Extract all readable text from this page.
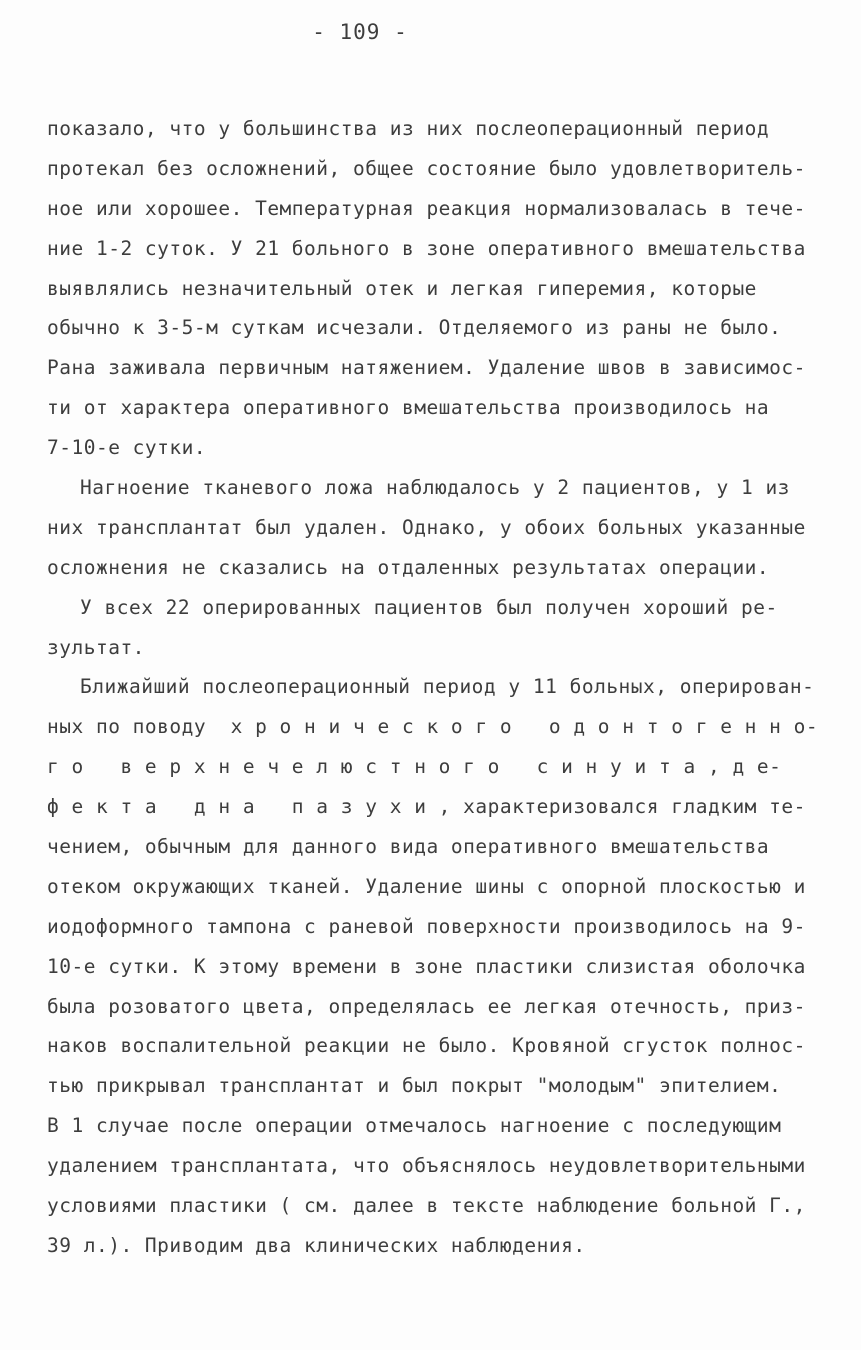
- 109 -
показало, что у большинства из них послеоперационный период
протекал без осложнений, общее состояние было удовлетворитель-
ное или хорошее. Температурная реакция нормализовалась в тече-
ние 1-2 суток. У 21 больного в зоне оперативного вмешательства
выявлялись незначительный отек и легкая гиперемия, которые
обычно к 3-5-м суткам исчезали. Отделяемого из раны не было.
Рана заживала первичным натяжением. Удаление швов в зависимос-
ти от характера оперативного вмешательства производилось на
7-10-е сутки.
Нагноение тканевого ложа наблюдалось у 2 пациентов, у 1 из
них трансплантат был удален. Однако, у обоих больных указанные
осложнения не сказались на отдаленных результатах операции.
У всех 22 оперированных пациентов был получен хороший ре-
зультат.
Ближайший послеоперационный период у 11 больных, оперирован-
ных по поводу  х р о н и ч е с к о г о   о д о н т о г е н н о-
г о   в е р х н е ч е л ю с т н о г о   с и н у и т а , д е-
ф е к т а   д н а   п а з у х и , характеризовался гладким те-
чением, обычным для данного вида оперативного вмешательства
отеком окружающих тканей. Удаление шины с опорной плоскостью и
иодоформного тампона с раневой поверхности производилось на 9-
10-е сутки. К этому времени в зоне пластики слизистая оболочка
была розоватого цвета, определялась ее легкая отечность, приз-
наков воспалительной реакции не было. Кровяной сгусток полнос-
тью прикрывал трансплантат и был покрыт "молодым" эпителием.
В 1 случае после операции отмечалось нагноение с последующим
удалением трансплантата, что объяснялось неудовлетворительными
условиями пластики ( см. далее в тексте наблюдение больной Г.,
39 л.). Приводим два клинических наблюдения.
